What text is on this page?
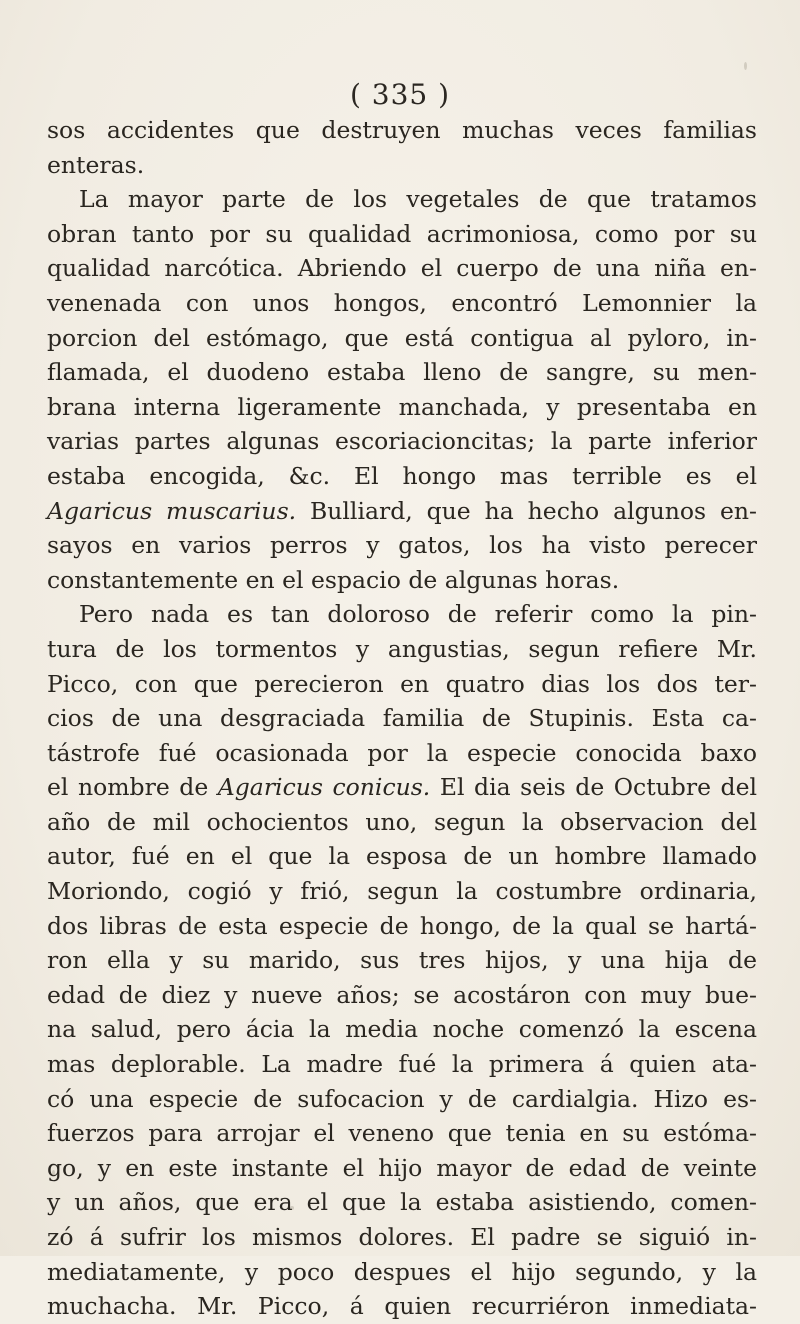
( 335 )
sos accidentes que destruyen muchas veces familias
enteras.
La mayor parte de los vegetales de que tratamos
obran tanto por su qualidad acrimoniosa, como por su
qualidad narcótica. Abriendo el cuerpo de una niña en-
venenada con unos hongos, encontró Lemonnier la
porcion del estómago, que está contigua al pyloro, in-
flamada, el duodeno estaba lleno de sangre, su men-
brana interna ligeramente manchada, y presentaba en
varias partes algunas escoriacioncitas; la parte inferior
estaba encogida, &c. El hongo mas terrible es el
Agaricus muscarius. Bulliard, que ha hecho algunos en-
sayos en varios perros y gatos, los ha visto perecer
constantemente en el espacio de algunas horas.
Pero nada es tan doloroso de referir como la pin-
tura de los tormentos y angustias, segun refiere Mr.
Picco, con que perecieron en quatro dias los dos ter-
cios de una desgraciada familia de Stupinis. Esta ca-
tástrofe fué ocasionada por la especie conocida baxo
el nombre de Agaricus conicus. El dia seis de Octubre del
año de mil ochocientos uno, segun la observacion del
autor, fué en el que la esposa de un hombre llamado
Moriondo, cogió y frió, segun la costumbre ordinaria,
dos libras de esta especie de hongo, de la qual se hartá-
ron ella y su marido, sus tres hijos, y una hija de
edad de diez y nueve años; se acostáron con muy bue-
na salud, pero ácia la media noche comenzó la escena
mas deplorable. La madre fué la primera á quien ata-
có una especie de sufocacion y de cardialgia. Hizo es-
fuerzos para arrojar el veneno que tenia en su estóma-
go, y en este instante el hijo mayor de edad de veinte
y un años, que era el que la estaba asistiendo, comen-
zó á sufrir los mismos dolores. El padre se siguió in-
mediatamente, y poco despues el hijo segundo, y la
muchacha. Mr. Picco, á quien recurriéron inmediata-
